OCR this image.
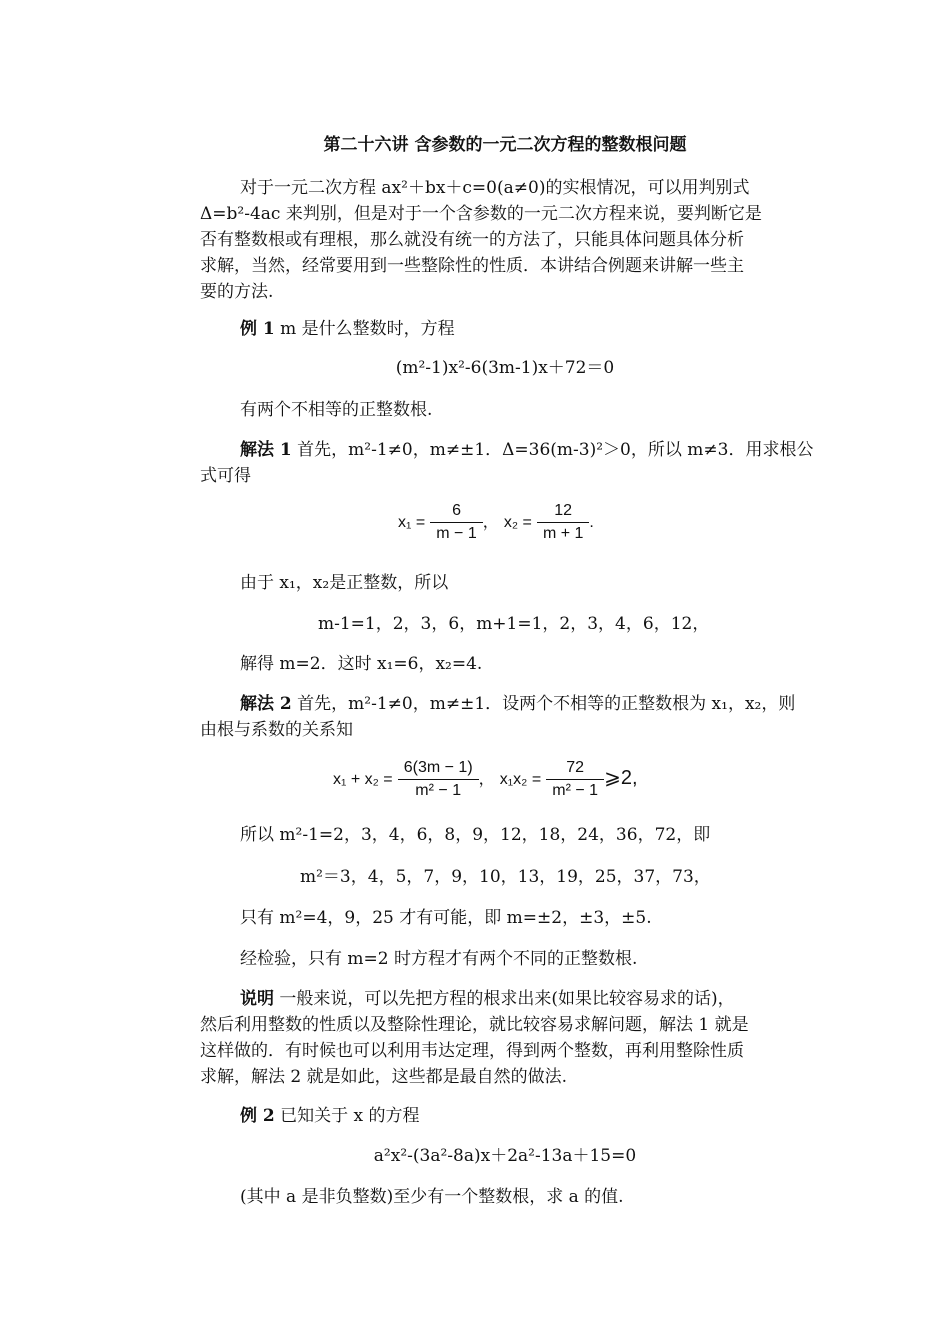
第二十六讲 含参数的一元二次方程的整数根问题
对于一元二次方程 ax²＋bx＋c=0(a≠0)的实根情况，可以用判别式
Δ=b²-4ac 来判别，但是对于一个含参数的一元二次方程来说，要判断它是
否有整数根或有理根，那么就没有统一的方法了，只能具体问题具体分析
求解，当然，经常要用到一些整除性的性质．本讲结合例题来讲解一些主
要的方法.
例 1 m 是什么整数时，方程
(m²-1)x²-6(3m-1)x＋72＝0
有两个不相等的正整数根.
解法 1 首先，m²-1≠0，m≠±1．Δ=36(m-3)²＞0，所以 m≠3．用求根公
式可得
$x_1 = \frac{6}{m - 1}$ ， $x_2 = \frac{12}{m + 1}$ .
由于 x₁，x₂是正整数，所以
m-1=1，2，3，6，m+1=1，2，3，4，6，12，
解得 m=2．这时 x₁=6，x₂=4.
解法 2 首先，m²-1≠0，m≠±1．设两个不相等的正整数根为 x₁，x₂，则
由根与系数的关系知
$x_1 + x_2 = \frac{6(3m - 1)}{\text{m² − 1}}$ ， $x_1x_2 = \frac{72}{\text{m² − 1}}$ ⩾2,
所以 m²-1=2，3，4，6，8，9，12，18，24，36，72，即
m²＝3，4，5，7，9，10，13，19，25，37，73，
只有 m²=4，9，25 才有可能，即 m=±2，±3，±5.
经检验，只有 m=2 时方程才有两个不同的正整数根.
说明 一般来说，可以先把方程的根求出来(如果比较容易求的话)，
然后利用整数的性质以及整除性理论，就比较容易求解问题，解法 1 就是
这样做的．有时候也可以利用韦达定理，得到两个整数，再利用整除性质
求解，解法 2 就是如此，这些都是最自然的做法.
例 2 已知关于 x 的方程
a²x²-(3a²-8a)x＋2a²-13a＋15=0
(其中 a 是非负整数)至少有一个整数根，求 a 的值.
